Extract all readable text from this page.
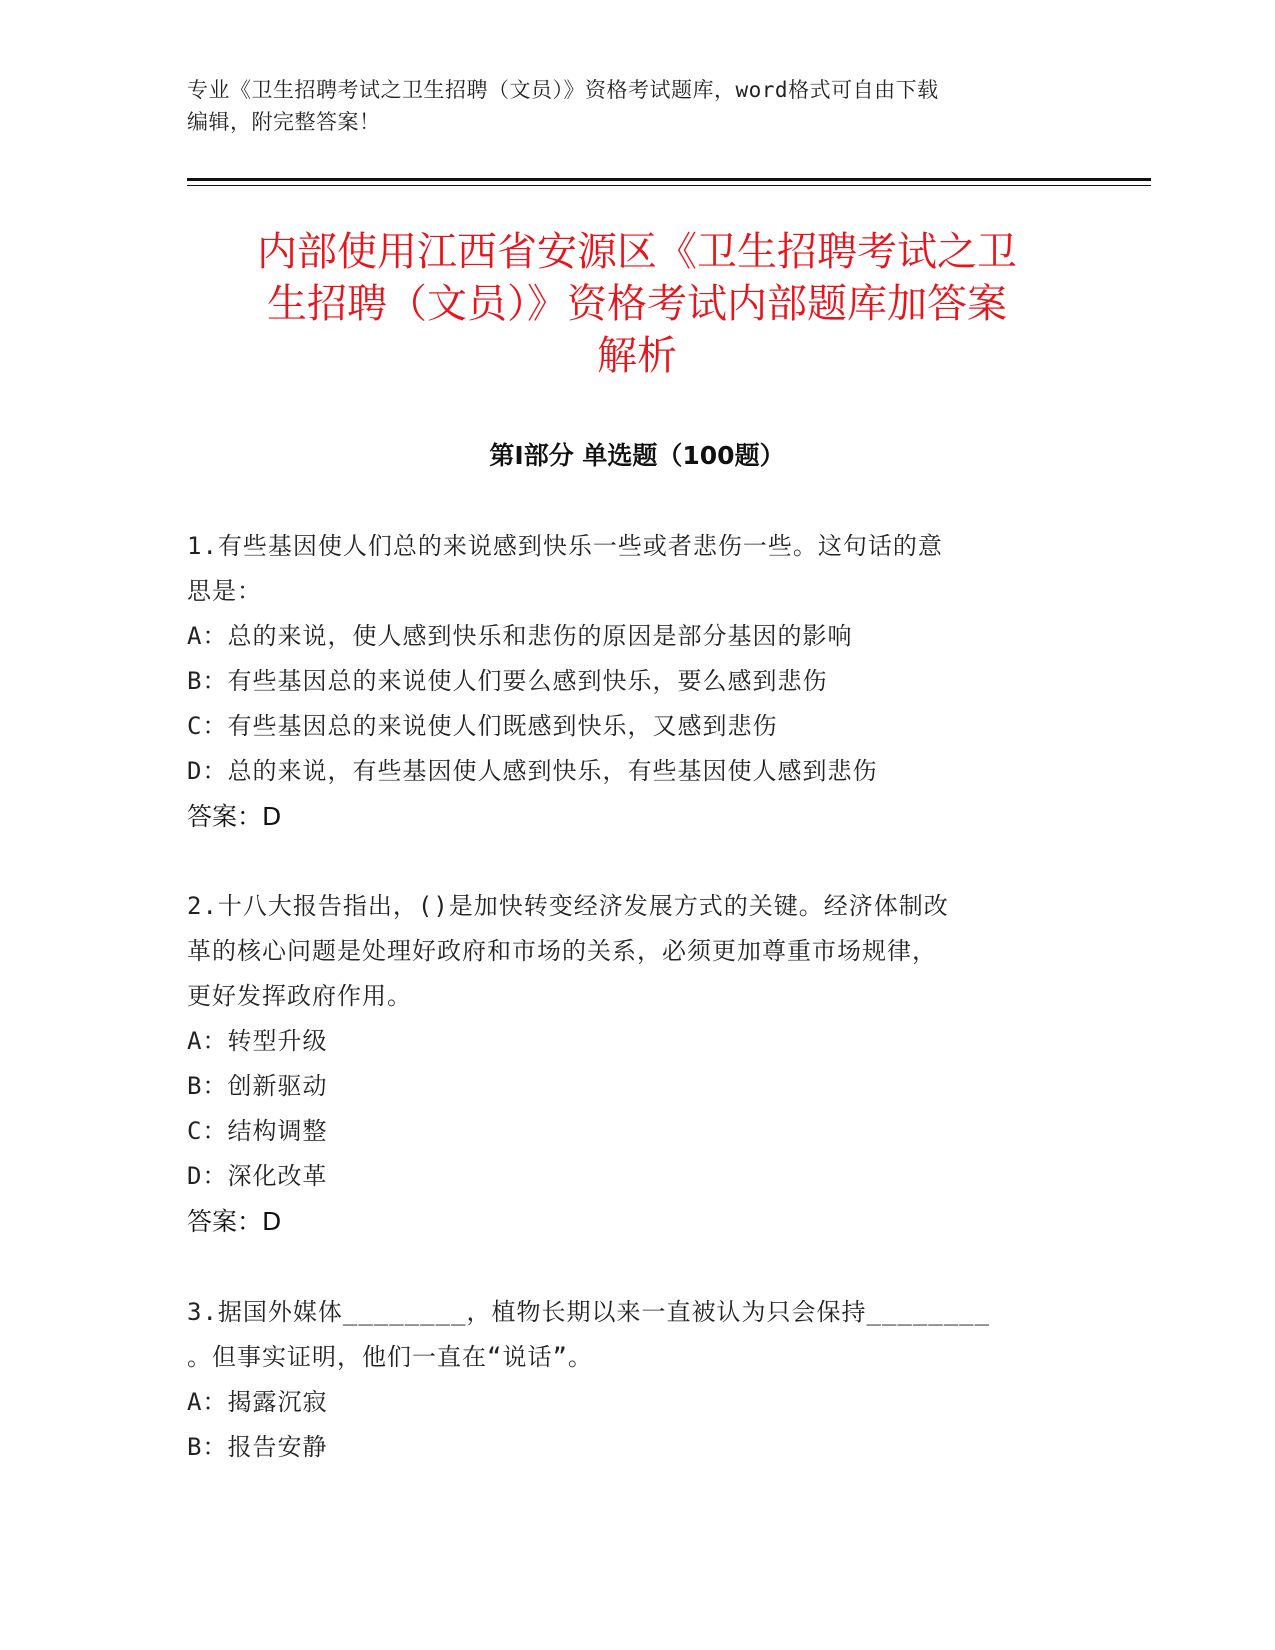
专业《卫生招聘考试之卫生招聘（文员）》资格考试题库，word格式可自由下载
编辑，附完整答案！
内部使用江西省安源区《卫生招聘考试之卫
生招聘（文员）》资格考试内部题库加答案
解析
第Ⅰ部分 单选题（100题）

1.有些基因使人们总的来说感到快乐一些或者悲伤一些。这句话的意

思是：

A：总的来说，使人感到快乐和悲伤的原因是部分基因的影响

B：有些基因总的来说使人们要么感到快乐，要么感到悲伤

C：有些基因总的来说使人们既感到快乐，又感到悲伤

D：总的来说，有些基因使人感到快乐，有些基因使人感到悲伤

答案：D

2.十八大报告指出，()是加快转变经济发展方式的关键。经济体制改

革的核心问题是处理好政府和市场的关系，必须更加尊重市场规律，

更好发挥政府作用。

A：转型升级

B：创新驱动

C：结构调整

D：深化改革

答案：D

3.据国外媒体________，植物长期以来一直被认为只会保持________

。但事实证明，他们一直在“说话”。

A：揭露沉寂

B：报告安静
